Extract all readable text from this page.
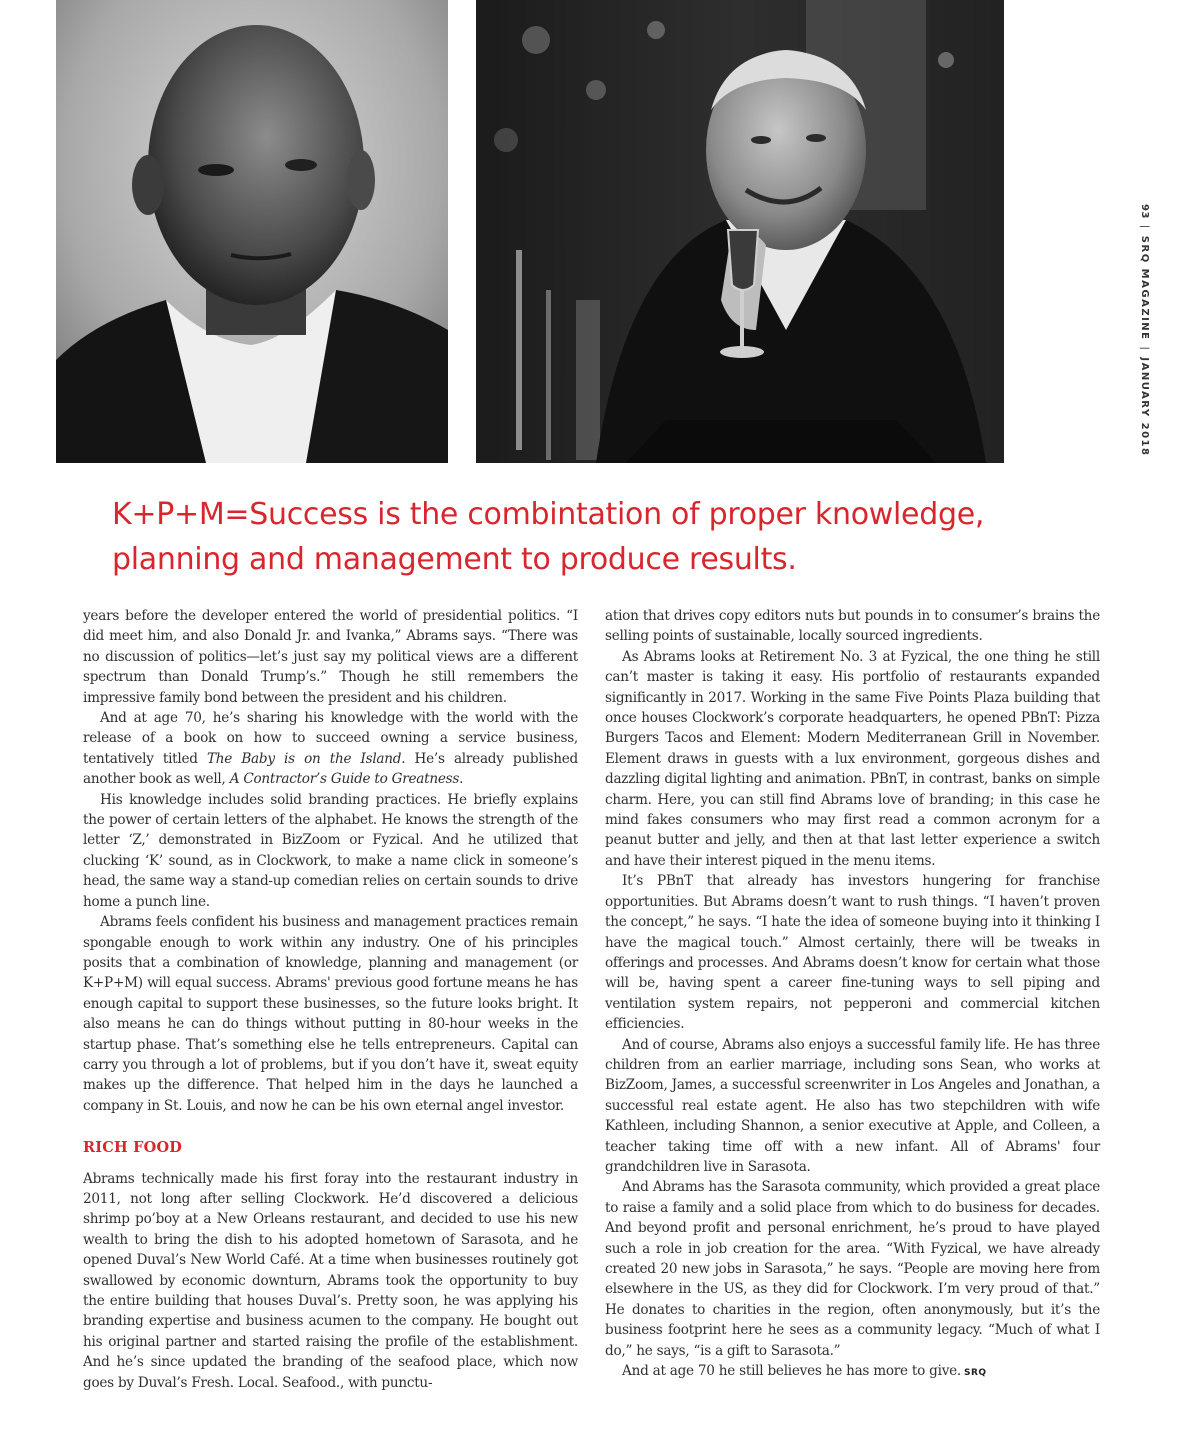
93|SRQ MAGAZINE|JANUARY 2018
K+P+M=Success is the combintation of proper knowledge, planning and management to produce results.

years before the developer entered the world of presidential politics. “I did meet him, and also Donald Jr. and Ivanka,” Abrams says. “There was no discussion of politics—let’s just say my political views are a different spectrum than Donald Trump’s.” Though he still remembers the impressive family bond between the president and his children.

And at age 70, he’s sharing his knowledge with the world with the release of a book on how to succeed owning a service business, tentatively titled The Baby is on the Island. He’s already published another book as well, A Contractor’s Guide to Greatness.

His knowledge includes solid branding practices. He briefly explains the power of certain letters of the alphabet. He knows the strength of the letter ‘Z,’ demonstrated in BizZoom or Fyzical. And he utilized that clucking ‘K’ sound, as in Clockwork, to make a name click in someone’s head, the same way a stand-up comedian relies on certain sounds to drive home a punch line.

Abrams feels confident his business and management practices remain spongable enough to work within any industry. One of his principles posits that a combination of knowledge, planning and management (or K+P+M) will equal success. Abrams' previous good fortune means he has enough capital to support these businesses, so the future looks bright. It also means he can do things without putting in 80-hour weeks in the startup phase. That’s something else he tells entrepreneurs. Capital can carry you through a lot of problems, but if you don’t have it, sweat equity makes up the difference. That helped him in the days he launched a company in St. Louis, and now he can be his own eternal angel investor.

RICH FOOD

Abrams technically made his first foray into the restaurant industry in 2011, not long after selling Clockwork. He’d discovered a delicious shrimp po’boy at a New Orleans restaurant, and decided to use his new wealth to bring the dish to his adopted hometown of Sarasota, and he opened Duval’s New World Café. At a time when businesses routinely got swallowed by economic downturn, Abrams took the opportunity to buy the entire building that houses Duval’s. Pretty soon, he was applying his branding expertise and business acumen to the company. He bought out his original partner and started raising the profile of the establishment. And he’s since updated the branding of the seafood place, which now goes by Duval’s Fresh. Local. Seafood., with punctu-

ation that drives copy editors nuts but pounds in to consumer’s brains the selling points of sustainable, locally sourced ingredients.

As Abrams looks at Retirement No. 3 at Fyzical, the one thing he still can’t master is taking it easy. His portfolio of restaurants expanded significantly in 2017. Working in the same Five Points Plaza building that once houses Clockwork’s corporate headquarters, he opened PBnT: Pizza Burgers Tacos and Element: Modern Mediterranean Grill in November. Element draws in guests with a lux environment, gorgeous dishes and dazzling digital lighting and animation. PBnT, in contrast, banks on simple charm. Here, you can still find Abrams love of branding; in this case he mind fakes consumers who may first read a common acronym for a peanut butter and jelly, and then at that last letter experience a switch and have their interest piqued in the menu items.

It’s PBnT that already has investors hungering for franchise opportunities. But Abrams doesn’t want to rush things. “I haven’t proven the concept,” he says. “I hate the idea of someone buying into it thinking I have the magical touch.” Almost certainly, there will be tweaks in offerings and processes. And Abrams doesn’t know for certain what those will be, having spent a career fine-tuning ways to sell piping and ventilation system repairs, not pepperoni and commercial kitchen efficiencies.

And of course, Abrams also enjoys a successful family life. He has three children from an earlier marriage, including sons Sean, who works at BizZoom, James, a successful screenwriter in Los Angeles and Jonathan, a successful real estate agent. He also has two stepchildren with wife Kathleen, including Shannon, a senior executive at Apple, and Colleen, a teacher taking time off with a new infant. All of Abrams' four grandchildren live in Sarasota.

And Abrams has the Sarasota community, which provided a great place to raise a family and a solid place from which to do business for decades. And beyond profit and personal enrichment, he’s proud to have played such a role in job creation for the area. “With Fyzical, we have already created 20 new jobs in Sarasota,” he says. “People are moving here from elsewhere in the US, as they did for Clockwork. I’m very proud of that.” He donates to charities in the region, often anonymously, but it’s the business footprint here he sees as a community legacy. “Much of what I do,” he says, “is a gift to Sarasota.”

And at age 70 he still believes he has more to give. SRQ
